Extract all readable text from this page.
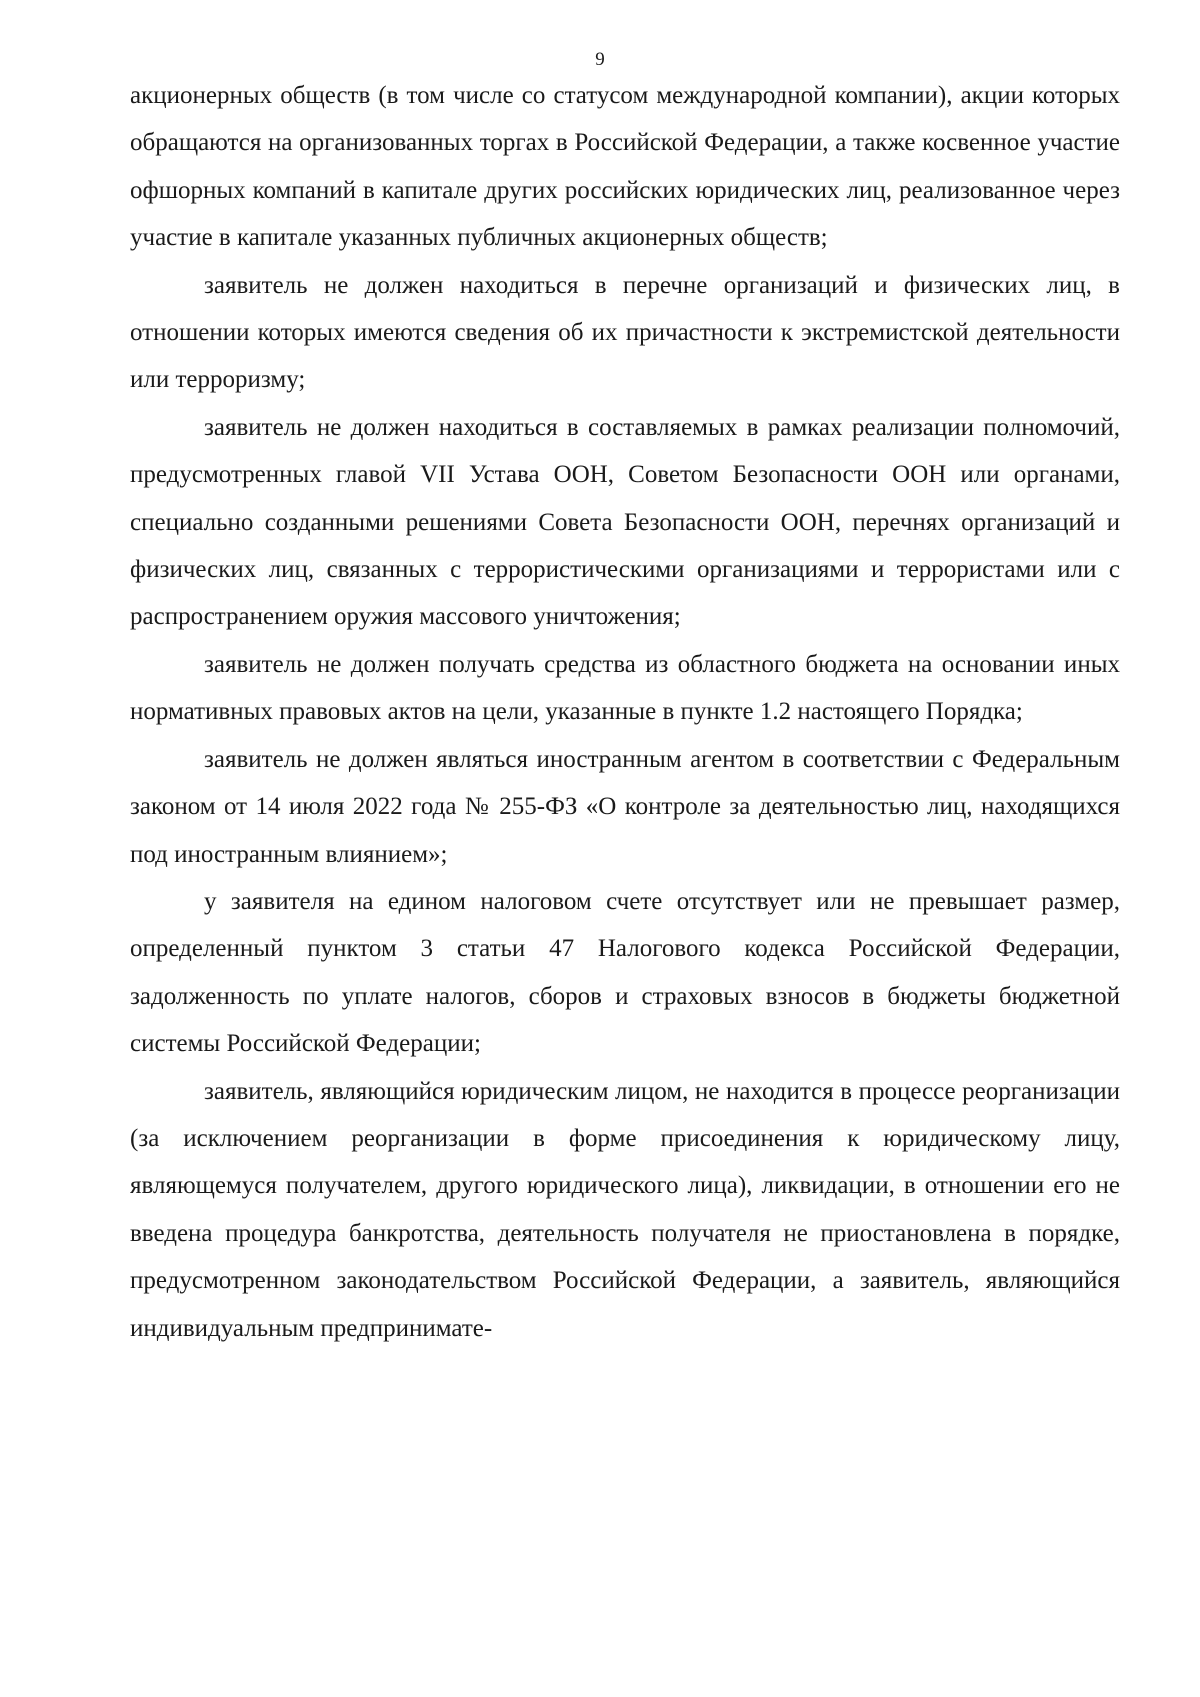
9

акционерных обществ (в том числе со статусом международной компании), акции которых обращаются на организованных торгах в Российской Федерации, а также косвенное участие офшорных компаний в капитале других российских юридических лиц, реализованное через участие в капитале указанных публичных акционерных обществ;

заявитель не должен находиться в перечне организаций и физических лиц, в отношении которых имеются сведения об их причастности к экстремистской деятельности или терроризму;

заявитель не должен находиться в составляемых в рамках реализации полномочий, предусмотренных главой VII Устава ООН, Советом Безопасности ООН или органами, специально созданными решениями Совета Безопасности ООН, перечнях организаций и физических лиц, связанных с террористическими организациями и террористами или с распространением оружия массового уничтожения;

заявитель не должен получать средства из областного бюджета на основании иных нормативных правовых актов на цели, указанные в пункте 1.2 настоящего Порядка;

заявитель не должен являться иностранным агентом в соответствии с Федеральным законом от 14 июля 2022 года № 255-ФЗ «О контроле за деятельностью лиц, находящихся под иностранным влиянием»;

у заявителя на едином налоговом счете отсутствует или не превышает размер, определенный пунктом 3 статьи 47 Налогового кодекса Российской Федерации, задолженность по уплате налогов, сборов и страховых взносов в бюджеты бюджетной системы Российской Федерации;

заявитель, являющийся юридическим лицом, не находится в процессе реорганизации (за исключением реорганизации в форме присоединения к юридическому лицу, являющемуся получателем, другого юридического лица), ликвидации, в отношении его не введена процедура банкротства, деятельность получателя не приостановлена в порядке, предусмотренном законодательством Российской Федерации, а заявитель, являющийся индивидуальным предпринимате-
